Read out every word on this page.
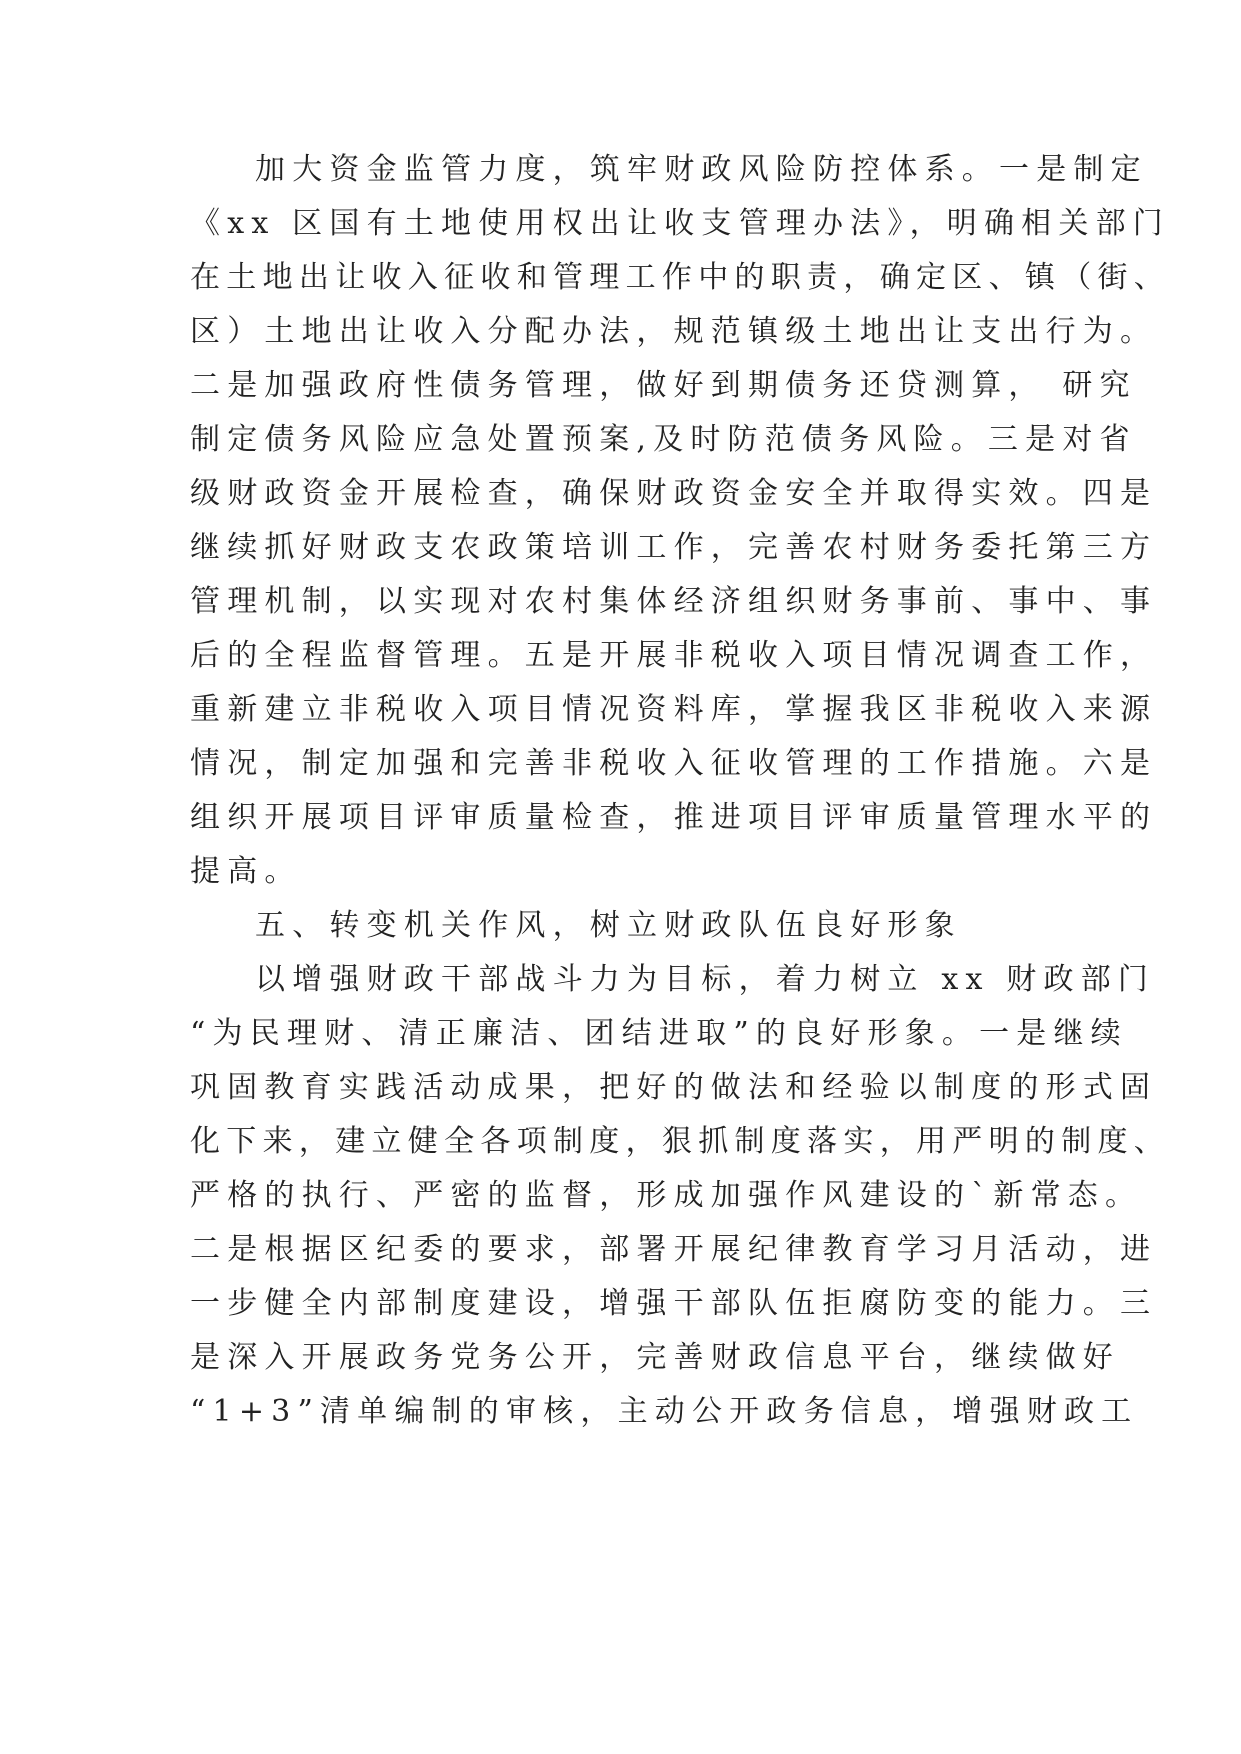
加大资金监管力度，筑牢财政风险防控体系。一是制定

《xx 区国有土地使用权出让收支管理办法》，明确相关部门

在土地出让收入征收和管理工作中的职责，确定区、镇（街、

区）土地出让收入分配办法，规范镇级土地出让支出行为。

二是加强政府性债务管理，做好到期债务还贷测算， 研究

制定债务风险应急处置预案,及时防范债务风险。三是对省

级财政资金开展检查，确保财政资金安全并取得实效。四是

继续抓好财政支农政策培训工作，完善农村财务委托第三方

管理机制，以实现对农村集体经济组织财务事前、事中、事

后的全程监督管理。五是开展非税收入项目情况调查工作，

重新建立非税收入项目情况资料库，掌握我区非税收入来源

情况，制定加强和完善非税收入征收管理的工作措施。六是

组织开展项目评审质量检查，推进项目评审质量管理水平的

提高。

五、转变机关作风，树立财政队伍良好形象

以增强财政干部战斗力为目标，着力树立 xx 财政部门

“为民理财、清正廉洁、团结进取”的良好形象。一是继续

巩固教育实践活动成果，把好的做法和经验以制度的形式固

化下来，建立健全各项制度，狠抓制度落实，用严明的制度、

严格的执行、严密的监督，形成加强作风建设的`新常态。

二是根据区纪委的要求，部署开展纪律教育学习月活动，进

一步健全内部制度建设，增强干部队伍拒腐防变的能力。三

是深入开展政务党务公开，完善财政信息平台，继续做好

“1+3”清单编制的审核，主动公开政务信息，增强财政工
